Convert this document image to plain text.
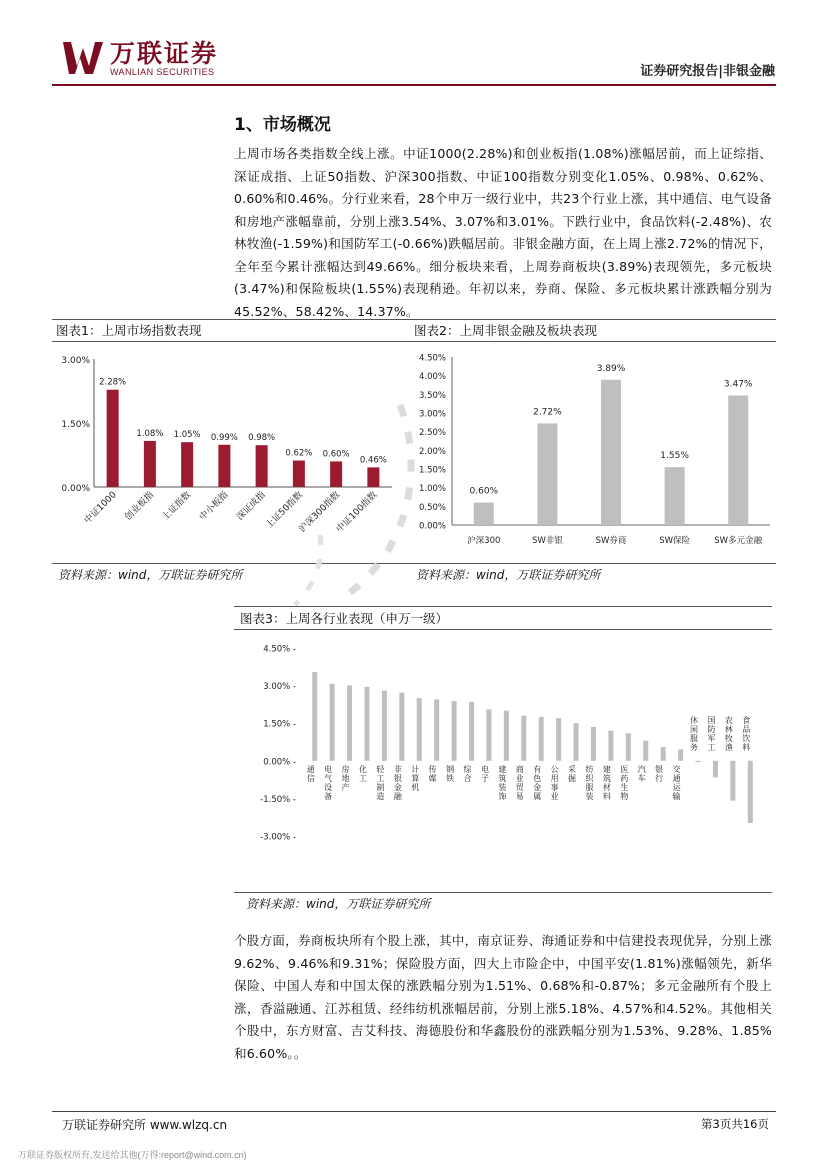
万联证券
WANLIAN SECURITIES	证券研究报告|非银金融
1、市场概况
上周市场各类指数全线上涨。中证1000(2.28%)和创业板指(1.08%)涨幅居前，而上证综指、深证成指、上证50指数、沪深300指数、中证100指数分别变化1.05%、0.98%、0.62%、0.60%和0.46%。分行业来看，28个申万一级行业中，共23个行业上涨，其中通信、电气设备和房地产涨幅靠前，分别上涨3.54%、3.07%和3.01%。下跌行业中，食品饮料(-2.48%)、农林牧渔(-1.59%)和国防军工(-0.66%)跌幅居前。非银金融方面，在上周上涨2.72%的情况下，全年至今累计涨幅达到49.66%。细分板块来看，上周券商板块(3.89%)表现领先，多元板块(3.47%)和保险板块(1.55%)表现稍逊。年初以来，券商、保险、多元板块累计涨跌幅分别为45.52%、58.42%、14.37%。
图表1：上周市场指数表现	图表2：上周非银金融及板块表现
3.00%
1.50%
0.00%
2.28%
中证1000
1.08%
创业板指
1.05%
上证指数
0.99%
中小板指
0.98%
深证成指
0.62%
上证50指数
0.60%
沪深300指数
0.46%
中证100指数
4.50%
4.00%
3.50%
3.00%
2.50%
2.00%
1.50%
1.00%
0.50%
0.00%
0.60%
沪深300
2.72%
SW非银
3.89%
SW券商
1.55%
SW保险
3.47%
SW多元金融
资料来源：wind，万联证券研究所	资料来源：wind，万联证券研究所
图表3：上周各行业表现（申万一级）
4.50% -
3.00% -
1.50% -
0.00% -
-1.50% -
-3.00% -
通信
电气设备
房地产
化工
轻工制造
非银金融
计算机
传媒
钢铁
综合
电子
建筑装饰
商业贸易
有色金属
公用事业
采掘
纺织服装
建筑材料
医药生物
汽车
银行
交通运输
休闲服务
国防军工
农林牧渔
食品饮料
资料来源：wind，万联证券研究所
个股方面，券商板块所有个股上涨，其中，南京证券、海通证券和中信建投表现优异，分别上涨9.62%、9.46%和9.31%；保险股方面，四大上市险企中，中国平安(1.81%)涨幅领先，新华保险、中国人寿和中国太保的涨跌幅分别为1.51%、0.68%和-0.87%；多元金融所有个股上涨，香溢融通、江苏租赁、经纬纺机涨幅居前，分别上涨5.18%、4.57%和4.52%。其他相关个股中，东方财富、吉艾科技、海德股份和华鑫股份的涨跌幅分别为1.53%、9.28%、1.85%和6.60%。。
万联证券研究所 www.wlzq.cn	第3页共16页
万联证券版权所有,发送给其他(万得:report@wind.com.cn)
